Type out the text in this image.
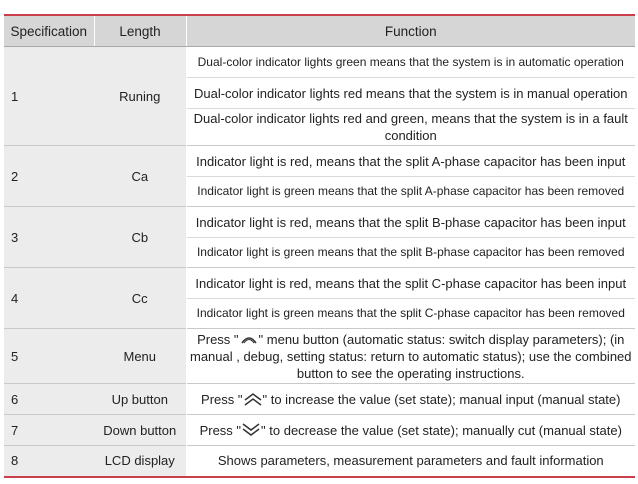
Specification	Length	Function
1	Runing	Dual-color indicator lights green means that the system is in automatic operation
		Dual-color indicator lights red means that the system is in manual operation
		Dual-color indicator lights red and green, means that the system is in a fault condition
2	Ca	Indicator light is red, means that the split A-phase capacitor has been input
		Indicator light is green means that the split A-phase capacitor has been removed
3	Cb	Indicator light is red, means that the split B-phase capacitor has been input
		Indicator light is green means that the split B-phase capacitor has been removed
4	Cc	Indicator light is red, means that the split C-phase capacitor has been input
		Indicator light is green means that the split C-phase capacitor has been removed
5	Menu	Press " " menu button (automatic status: switch display parameters); (in manual , debug, setting status: return to automatic status); use the combined button to see the operating instructions.
6	Up button	Press " " to increase the value (set state); manual input (manual state)
7	Down button	Press " " to decrease the value (set state); manually cut (manual state)
8	LCD display	Shows parameters, measurement parameters and fault information
